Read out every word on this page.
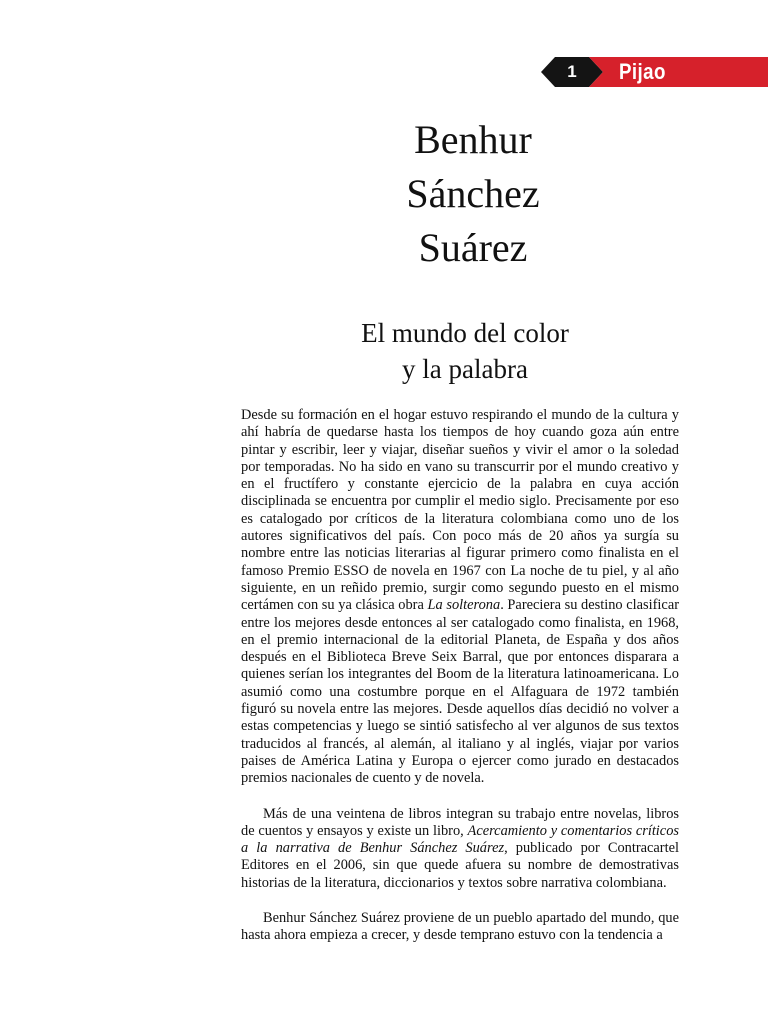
1	Pijao
Benhur
Sánchez
Suárez
El mundo del color
y la palabra

Desde su formación en el hogar estuvo respirando el mundo de la cultura y ahí habría de quedarse hasta los tiempos de hoy cuando goza aún entre pintar y escribir, leer y viajar, diseñar sueños y vivir el amor o la soledad por temporadas. No ha sido en vano su transcurrir por el mundo creativo y en el fructífero y constante ejercicio de la palabra en cuya acción disciplinada se encuentra por cumplir el medio siglo. Precisamente por eso es catalogado por críticos de la literatura colombiana como uno de los autores significativos del país. Con poco más de 20 años ya surgía su nombre entre las noticias literarias al figurar primero como finalista en el famoso Premio ESSO de novela en 1967 con La noche de tu piel, y al año siguiente, en un reñido premio, surgir como segundo puesto en el mismo certámen con su ya clásica obra La solterona. Pareciera su destino clasificar entre los mejores desde entonces al ser catalogado como finalista, en 1968, en el premio internacional de la editorial Planeta, de España y dos años después en el Biblioteca Breve Seix Barral, que por entonces disparara a quienes serían los integrantes del Boom de la literatura latinoamericana. Lo asumió como una costumbre porque en el Alfaguara de 1972 también figuró su novela entre las mejores. Desde aquellos días decidió no volver a estas competencias y luego se sintió satisfecho al ver algunos de sus textos traducidos al francés, al alemán, al italiano y al inglés, viajar por varios paises de América Latina y Europa o ejercer como jurado en destacados premios nacionales de cuento y de novela.

Más de una veintena de libros integran su trabajo entre novelas, libros de cuentos y ensayos y existe un libro, Acercamiento y comentarios críticos a la narrativa de Benhur Sánchez Suárez, publicado por Contracartel Editores en el 2006, sin que quede afuera su nombre de demostrativas historias de la literatura, diccionarios y textos sobre narrativa colombiana.

Benhur Sánchez Suárez proviene de un pueblo apartado del mundo, que hasta ahora empieza a crecer, y desde temprano estuvo con la tendencia a
